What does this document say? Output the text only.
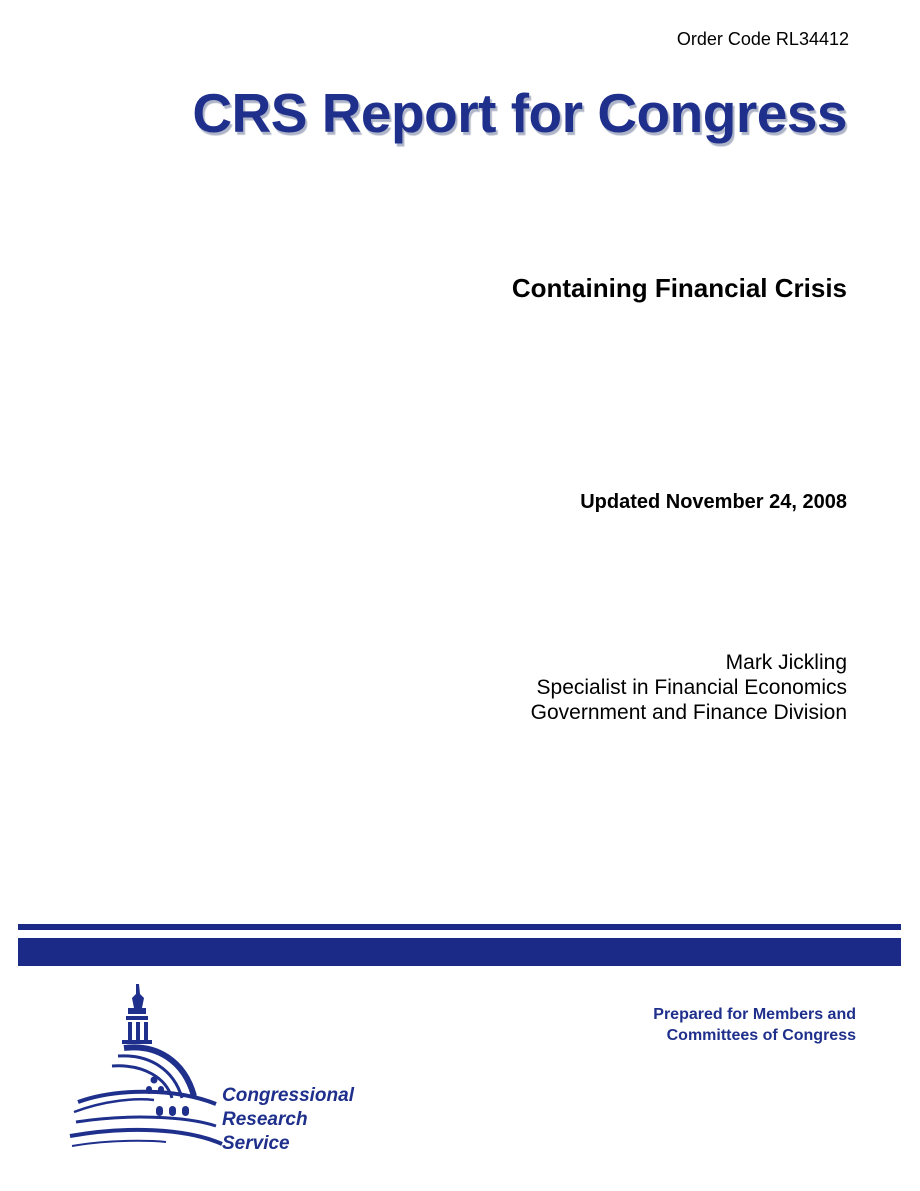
Order Code RL34412
CRS Report for Congress
Containing Financial Crisis
Updated November 24, 2008
Mark Jickling
Specialist in Financial Economics
Government and Finance Division
Prepared for Members and
Committees of Congress
Congressional
Research
Service
